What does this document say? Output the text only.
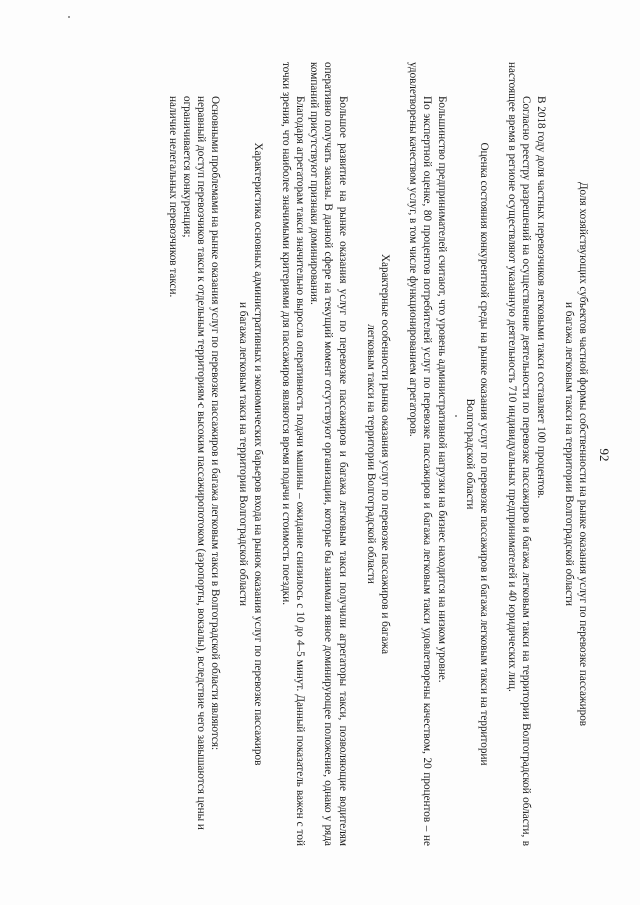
92

Доля хозяйствующих субъектов частной формы собственности на рынке оказания услуг по перевозке пассажиров
и багажа легковым такси на территории Волгоградской области

В 2018 году доля частных перевозчиков легковыми такси составляет 100 процентов.

Согласно реестру разрешений на осуществление деятельности по перевозке пассажиров и багажа легковым такси на территории Волгоградской области, в настоящее время в регионе осуществляют указанную деятельность 710 индивидуальных предпринимателей и 40 юридических лиц.

Оценка состояния конкурентной среды на рынке оказания услуг по перевозке пассажиров и багажа легковым такси на территории
Волгоградской области

Большинство предпринимателей считают, что уровень административной нагрузки на бизнес находится на низком уровне.

По экспертной оценке, 80 процентов потребителей услуг по перевозке пассажиров и багажа легковым такси удовлетворены качеством, 20 процентов – не удовлетворены качеством услуг, в том числе функционированием агрегаторов.

Характерные особенности рынка оказания услуг по перевозке пассажиров и багажа
легковым такси на территории Волгоградской области

Большое развитие на рынке оказания услуг по перевозке пассажиров и багажа легковым такси получили агрегаторы такси, позволяющие водителям оперативно получать заказы. В данной сфере на текущий момент отсутствуют организации, которые бы занимали явное доминирующее положение, однако у ряда компаний присутствуют признаки доминирования.

Благодаря агрегаторам такси значительно выросла оперативность подачи машины – ожидание снизилось с 10 до 4–5 минут. Данный показатель важен с той точки зрения, что наиболее значимыми критериями для пассажиров являются время подачи и стоимость поездки.

Характеристика основных административных и экономических барьеров входа на рынок оказания услуг по перевозке пассажиров
и багажа легковым такси на территории Волгоградской области

Основными проблемами на рынке оказания услуг по перевозке пассажиров и багажа легковым такси в Волгоградской области являются:

неравный доступ перевозчиков такси к отдельным территориям с высоким пассажиропотоком (аэропорты, вокзалы), вследствие чего завышаются цены и ограничивается конкуренция;

наличие нелегальных перевозчиков такси.
